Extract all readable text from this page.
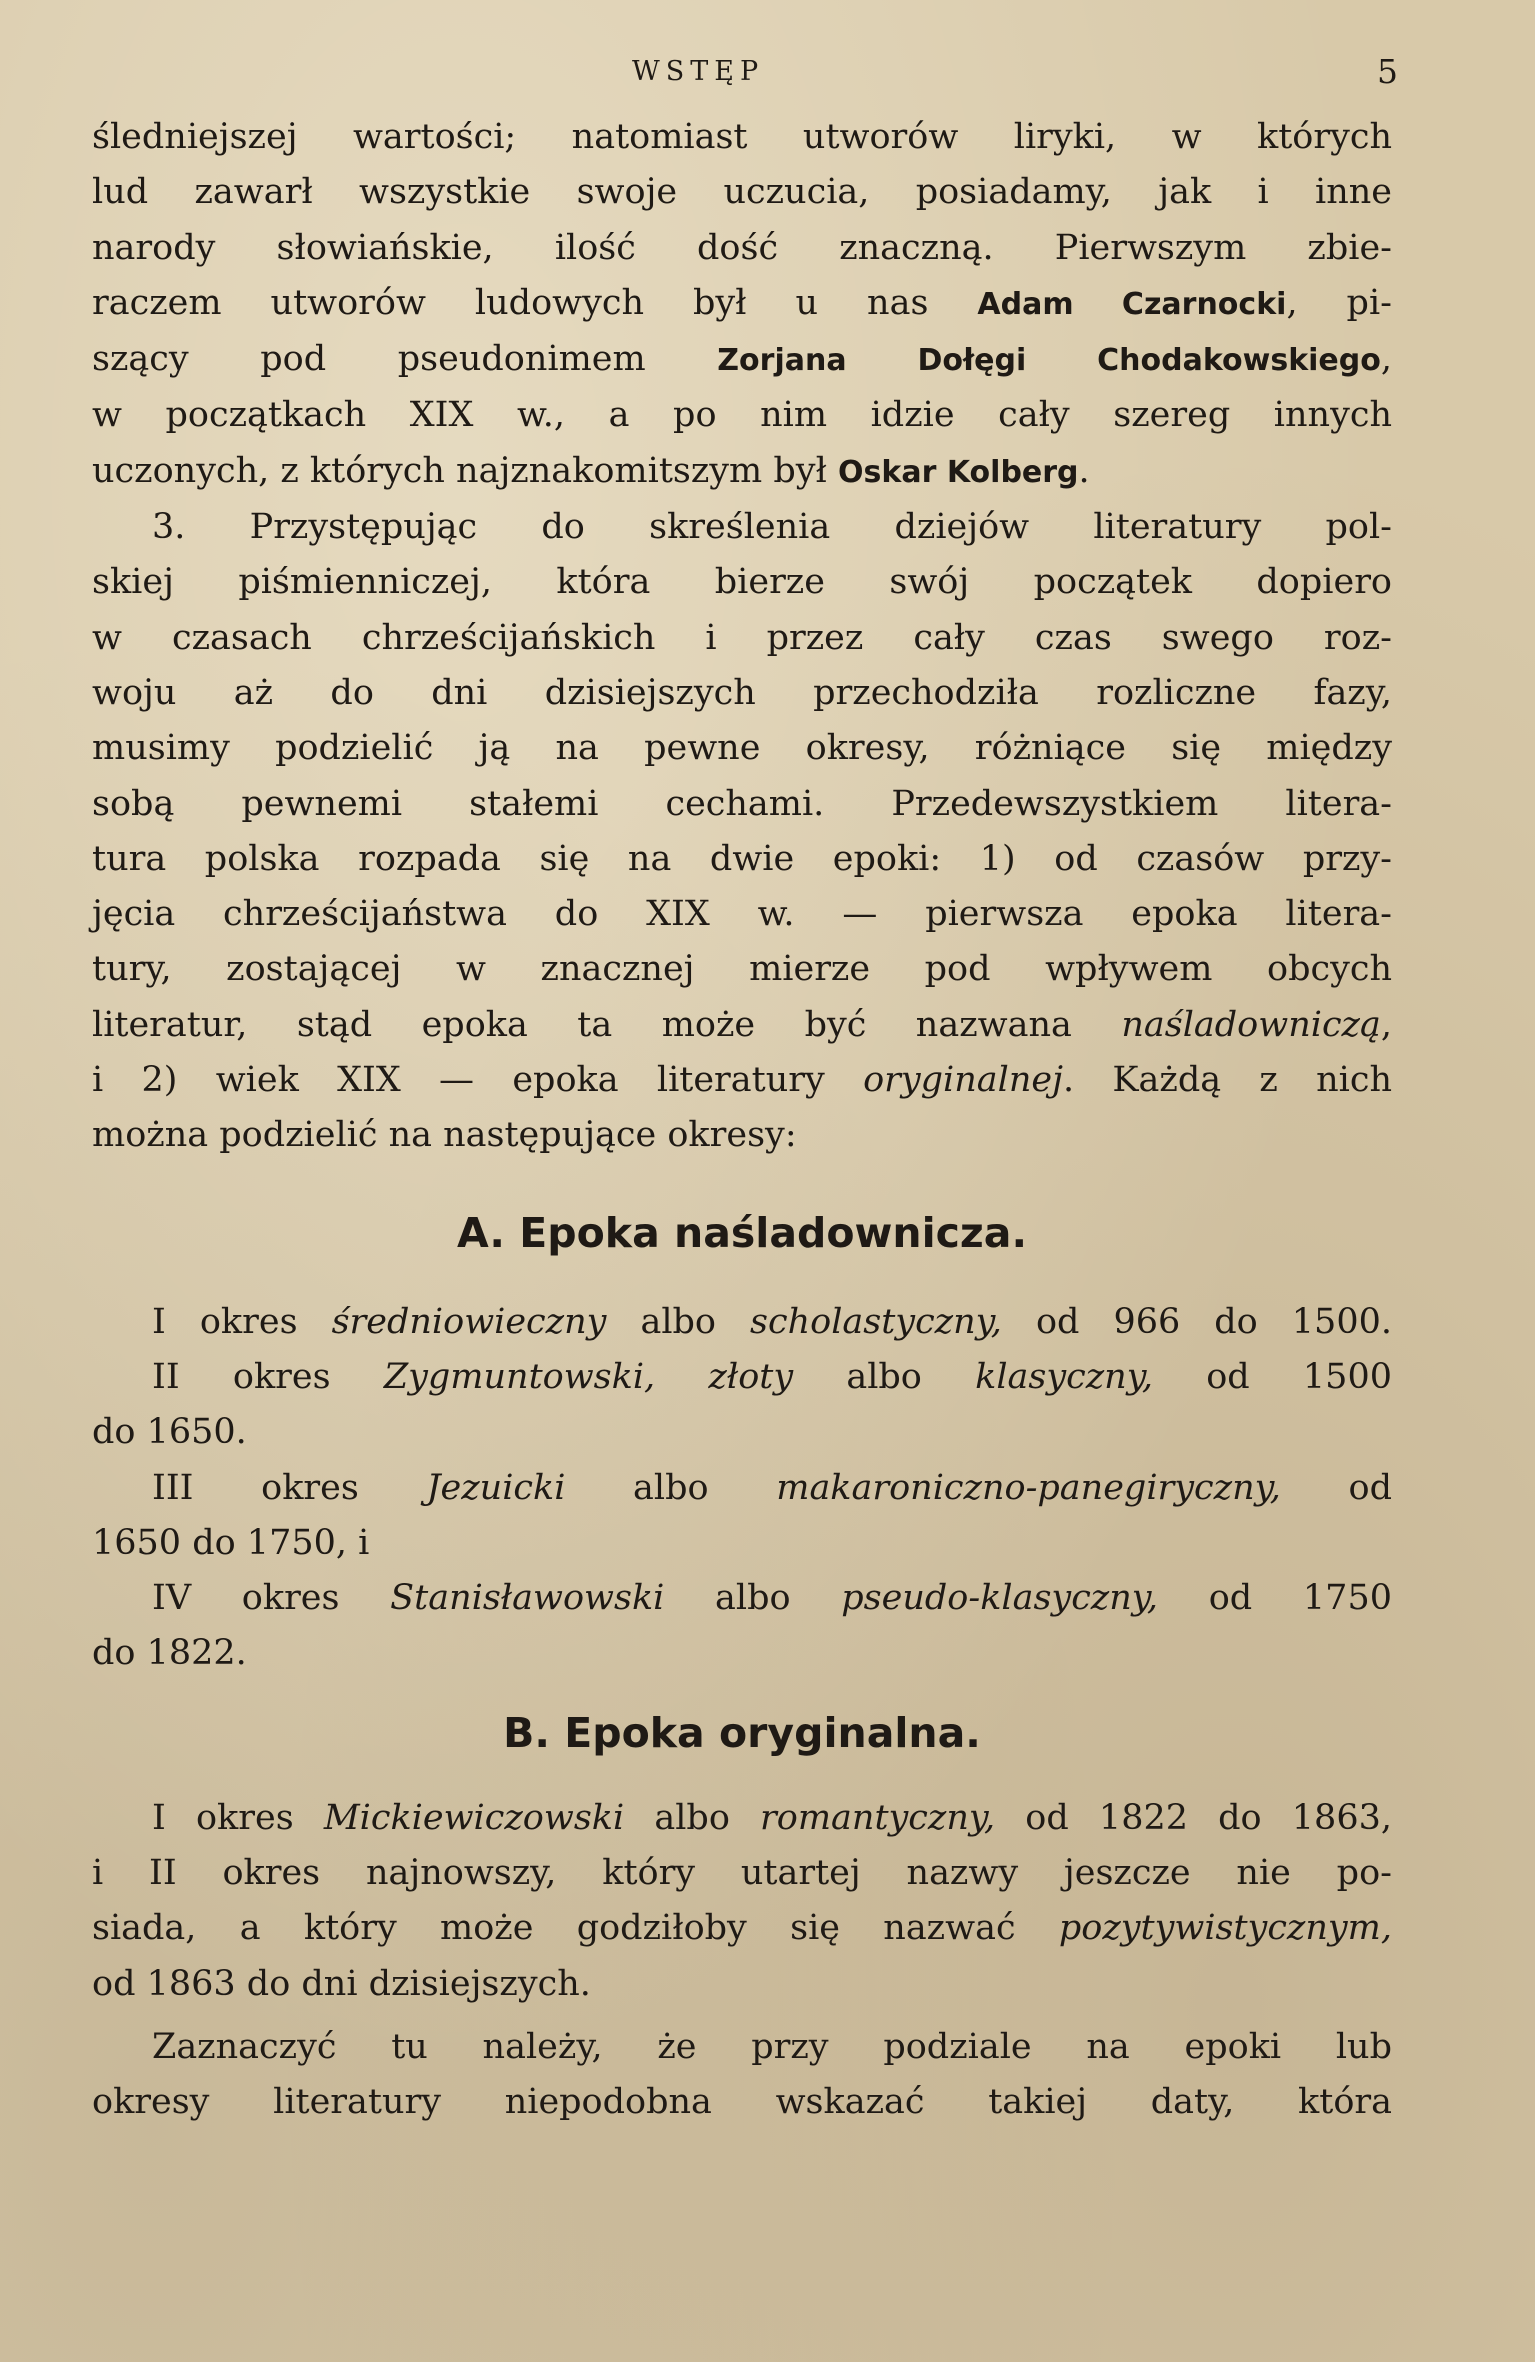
WSTĘP	5
śledniejszej wartości; natomiast utworów liryki, w których
lud zawarł wszystkie swoje uczucia, posiadamy, jak i inne
narody słowiańskie, ilość dość znaczną. Pierwszym zbie-
raczem utworów ludowych był u nas Adam Czarnocki, pi-
szący pod pseudonimem Zorjana Dołęgi Chodakowskiego,
w początkach XIX w., a po nim idzie cały szereg innych
uczonych, z których najznakomitszym był Oskar Kolberg.
3. Przystępując do skreślenia dziejów literatury pol-
skiej piśmienniczej, która bierze swój początek dopiero
w czasach chrześcijańskich i przez cały czas swego roz-
woju aż do dni dzisiejszych przechodziła rozliczne fazy,
musimy podzielić ją na pewne okresy, różniące się między
sobą pewnemi stałemi cechami. Przedewszystkiem litera-
tura polska rozpada się na dwie epoki: 1) od czasów przy-
jęcia chrześcijaństwa do XIX w. — pierwsza epoka litera-
tury, zostającej w znacznej mierze pod wpływem obcych
literatur, stąd epoka ta może być nazwana naśladowniczą,
i 2) wiek XIX — epoka literatury oryginalnej. Każdą z nich
można podzielić na następujące okresy:
A. Epoka naśladownicza.
I okres średniowieczny albo scholastyczny, od 966 do 1500.
II okres Zygmuntowski, złoty albo klasyczny, od 1500
do 1650.
III okres Jezuicki albo makaroniczno-panegiryczny, od
1650 do 1750, i
IV okres Stanisławowski albo pseudo-klasyczny, od 1750
do 1822.
B. Epoka oryginalna.
I okres Mickiewiczowski albo romantyczny, od 1822 do 1863,
i II okres najnowszy, który utartej nazwy jeszcze nie po-
siada, a który może godziłoby się nazwać pozytywistycznym,
od 1863 do dni dzisiejszych.
Zaznaczyć tu należy, że przy podziale na epoki lub
okresy literatury niepodobna wskazać takiej daty, która
